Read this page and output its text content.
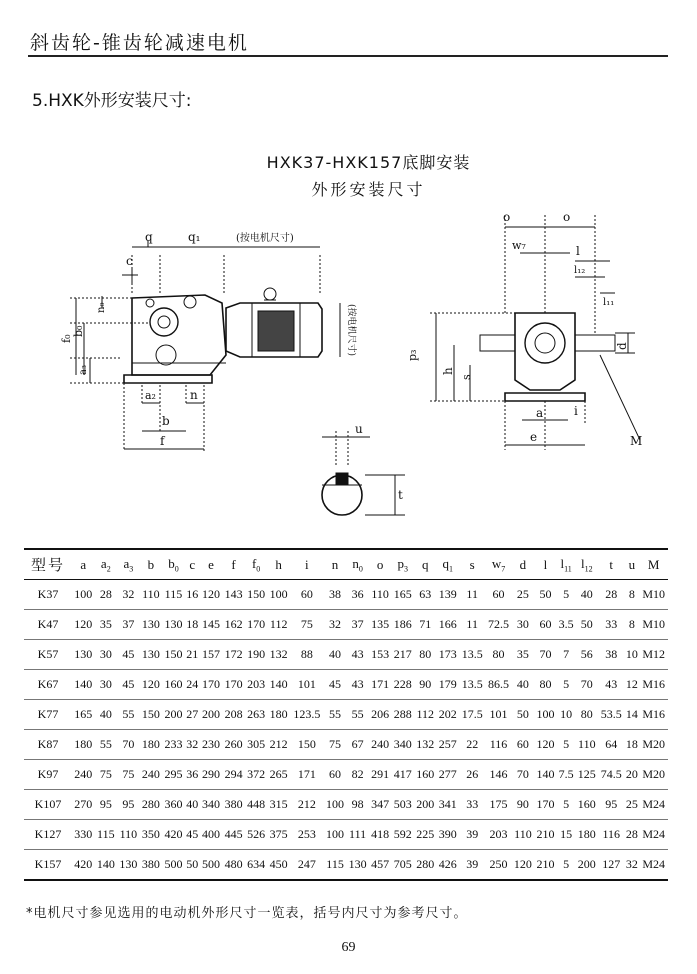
斜齿轮-锥齿轮减速电机
5.HXK外形安装尺寸:
HXK37-HXK157底脚安装
外形安装尺寸
q	q₁	(按电机尺寸)
c
n₀
f₀
b₀
a₃
a₂	n
b
f
(按电机尺寸)
u
t
o	o
w₇	l
l₁₂
l₁₁
p₃
h
s
d
a	i
e	M
型号	a	$a_2$	$a_3$	b	$b_0$	c	e	f	$f_0$	h	i	n	$n_0$	o	$p_3$	q	$q_1$	s	$w_7$	d	l	$l_{11}$	$l_{12}$	t	u	M
K37	100	28	32	110	115	16	120	143	150	100	60	38	36	110	165	63	139	11	60	25	50	5	40	28	8	M10
K47	120	35	37	130	130	18	145	162	170	112	75	32	37	135	186	71	166	11	72.5	30	60	3.5	50	33	8	M10
K57	130	30	45	130	150	21	157	172	190	132	88	40	43	153	217	80	173	13.5	80	35	70	7	56	38	10	M12
K67	140	30	45	120	160	24	170	170	203	140	101	45	43	171	228	90	179	13.5	86.5	40	80	5	70	43	12	M16
K77	165	40	55	150	200	27	200	208	263	180	123.5	55	55	206	288	112	202	17.5	101	50	100	10	80	53.5	14	M16
K87	180	55	70	180	233	32	230	260	305	212	150	75	67	240	340	132	257	22	116	60	120	5	110	64	18	M20
K97	240	75	75	240	295	36	290	294	372	265	171	60	82	291	417	160	277	26	146	70	140	7.5	125	74.5	20	M20
K107	270	95	95	280	360	40	340	380	448	315	212	100	98	347	503	200	341	33	175	90	170	5	160	95	25	M24
K127	330	115	110	350	420	45	400	445	526	375	253	100	111	418	592	225	390	39	203	110	210	15	180	116	28	M24
K157	420	140	130	380	500	50	500	480	634	450	247	115	130	457	705	280	426	39	250	120	210	5	200	127	32	M24
*电机尺寸参见选用的电动机外形尺寸一览表，括号内尺寸为参考尺寸。
69
